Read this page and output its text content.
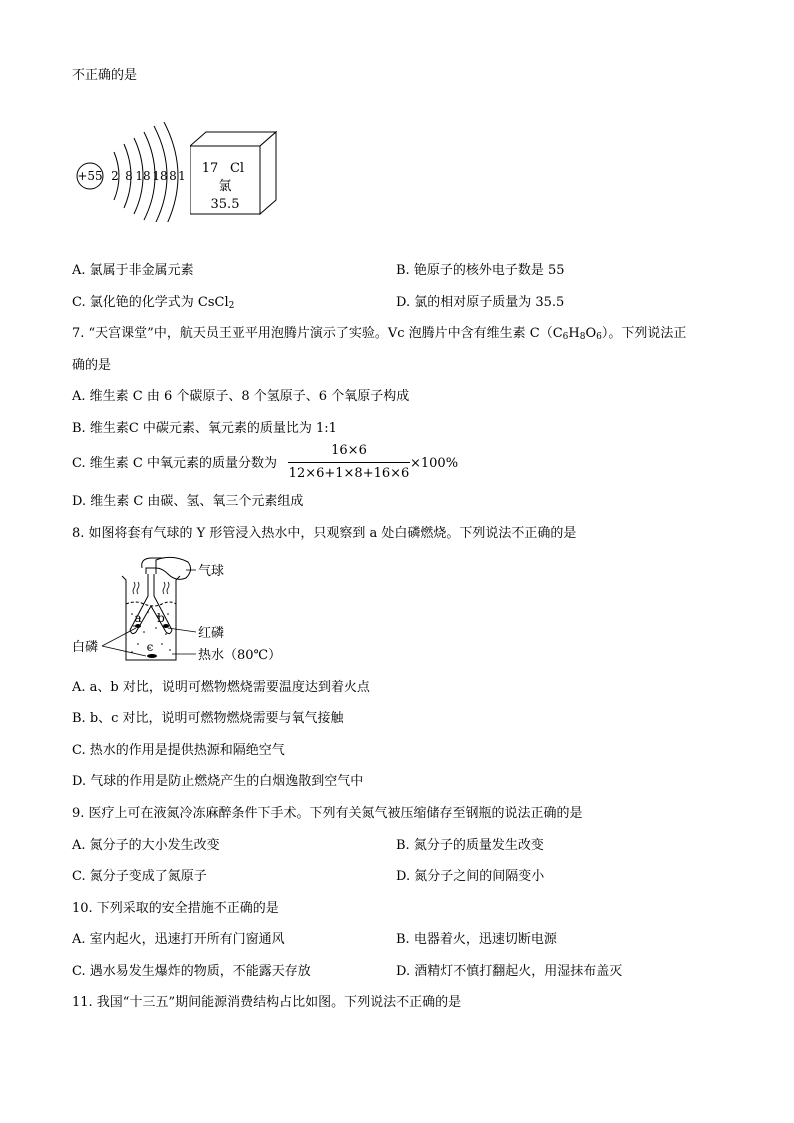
不正确的是
+55 2 8 18 18 8 1 17 Cl
氯
35.5
A. 氯属于非金属元素	B. 铯原子的核外电子数是 55
C. 氯化铯的化学式为 CsCl$_2$	D. 氯的相对原子质量为 35.5
7. “天宫课堂”中，航天员王亚平用泡腾片演示了实验。Vc 泡腾片中含有维生素 $C(C_6H_8O_6)$。下列说法正
确的是
A. 维生素 C 由 6 个碳原子、8 个氢原子、6 个氧原子构成
B. 维生素C 中碳元素、氧元素的质量比为 1:1
C. 维生素 C 中氧元素的质量分数为
16×6
12×6+1×8+16×6
×100%
D. 维生素 C 由碳、氢、氧三个元素组成
8. 如图将套有气球的 Y 形管浸入热水中，只观察到 a 处白磷燃烧。下列说法不正确的是
a b
c
气球
红磷
白磷
热水（80℃）
A. a、b 对比，说明可燃物燃烧需要温度达到着火点
B. b、c 对比，说明可燃物燃烧需要与氧气接触
C. 热水的作用是提供热源和隔绝空气
D. 气球的作用是防止燃烧产生的白烟逸散到空气中
9. 医疗上可在液氮冷冻麻醉条件下手术。下列有关氮气被压缩储存至钢瓶的说法正确的是
A. 氮分子的大小发生改变	B. 氮分子的质量发生改变
C. 氮分子变成了氮原子	D. 氮分子之间的间隔变小
10. 下列采取的安全措施不正确的是
A. 室内起火，迅速打开所有门窗通风	B. 电器着火，迅速切断电源
C. 遇水易发生爆炸的物质，不能露天存放	D. 酒精灯不慎打翻起火，用湿抹布盖灭
11. 我国“十三五”期间能源消费结构占比如图。下列说法不正确的是
